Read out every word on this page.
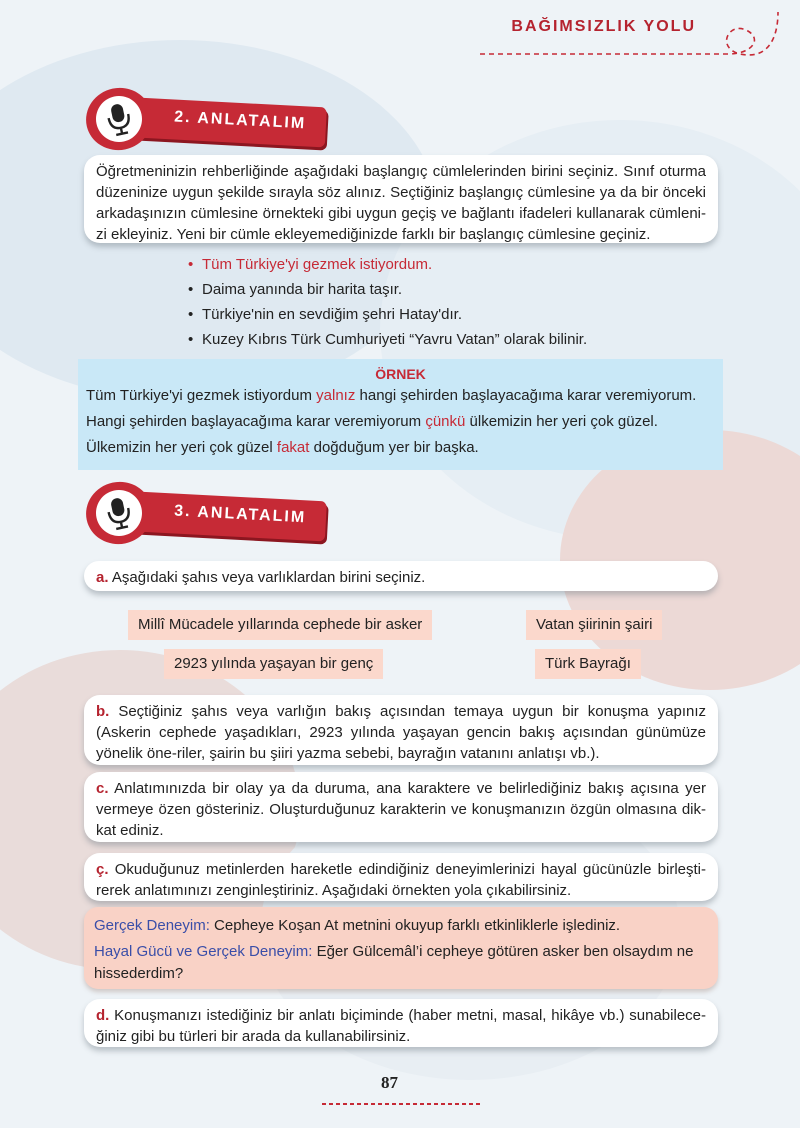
BAĞIMSIZLIK YOLU
2. ANLATALIM
Öğretmeninizin rehberliğinde aşağıdaki başlangıç cümlelerinden birini seçiniz. Sınıf oturma düzeninize uygun şekilde sırayla söz alınız. Seçtiğiniz başlangıç cümlesine ya da bir önceki arkadaşınızın cümlesine örnekteki gibi uygun geçiş ve bağlantı ifadeleri kullanarak cümleni-zi ekleyiniz. Yeni bir cümle ekleyemediğinizde farklı bir başlangıç cümlesine geçiniz.
• Tüm Türkiye'yi gezmek istiyordum.
• Daima yanında bir harita taşır.
• Türkiye'nin en sevdiğim şehri Hatay'dır.
• Kuzey Kıbrıs Türk Cumhuriyeti “Yavru Vatan” olarak bilinir.
ÖRNEK

Tüm Türkiye'yi gezmek istiyordum yalnız hangi şehirden başlayacağıma karar veremiyorum.

Hangi şehirden başlayacağıma karar veremiyorum çünkü ülkemizin her yeri çok güzel.

Ülkemizin her yeri çok güzel fakat doğduğum yer bir başka.

3. ANLATALIM
a. Aşağıdaki şahıs veya varlıklardan birini seçiniz.
Millî Mücadele yıllarında cephede bir asker	Vatan şiirinin şairi
2923 yılında yaşayan bir genç	Türk Bayrağı
b. Seçtiğiniz şahıs veya varlığın bakış açısından temaya uygun bir konuşma yapınız (Askerin cephede yaşadıkları, 2923 yılında yaşayan gencin bakış açısından günümüze yönelik öne-riler, şairin bu şiiri yazma sebebi, bayrağın vatanını anlatışı vb.).
c. Anlatımınızda bir olay ya da duruma, ana karaktere ve belirlediğiniz bakış açısına yer vermeye özen gösteriniz. Oluşturduğunuz karakterin ve konuşmanızın özgün olmasına dik-kat ediniz.
ç. Okuduğunuz metinlerden hareketle edindiğiniz deneyimlerinizi hayal gücünüzle birleşti-rerek anlatımınızı zenginleştiriniz. Aşağıdaki örnekten yola çıkabilirsiniz.
Gerçek Deneyim: Cepheye Koşan At metnini okuyup farklı etkinliklerle işlediniz.
Hayal Gücü ve Gerçek Deneyim: Eğer Gülcemâl’i cepheye götüren asker ben olsaydım ne hissederdim?
d. Konuşmanızı istediğiniz bir anlatı biçiminde (haber metni, masal, hikâye vb.) sunabilece-ğiniz gibi bu türleri bir arada da kullanabilirsiniz.
87
